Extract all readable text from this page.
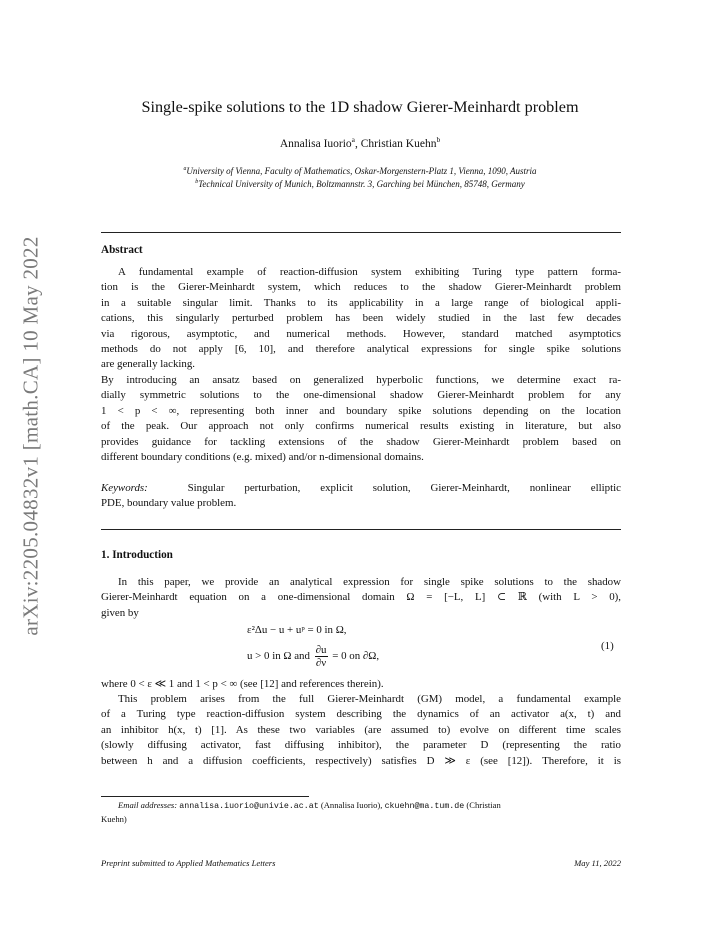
arXiv:2205.04832v1 [math.CA] 10 May 2022
Single-spike solutions to the 1D shadow Gierer-Meinhardt problem
Annalisa Iuorio$^a$, Christian Kuehn$^b$
$^a$University of Vienna, Faculty of Mathematics, Oskar-Morgenstern-Platz 1, Vienna, 1090, Austria
$^b$Technical University of Munich, Boltzmannstr. 3, Garching bei München, 85748, Germany
Abstract
A fundamental example of reaction-diffusion system exhibiting Turing type pattern forma-
tion is the Gierer-Meinhardt system, which reduces to the shadow Gierer-Meinhardt problem
in a suitable singular limit. Thanks to its applicability in a large range of biological appli-
cations, this singularly perturbed problem has been widely studied in the last few decades
via rigorous, asymptotic, and numerical methods. However, standard matched asymptotics
methods do not apply [6, 10], and therefore analytical expressions for single spike solutions
are generally lacking.
By introducing an ansatz based on generalized hyperbolic functions, we determine exact ra-
dially symmetric solutions to the one-dimensional shadow Gierer-Meinhardt problem for any
1 < p < ∞, representing both inner and boundary spike solutions depending on the location
of the peak. Our approach not only confirms numerical results existing in literature, but also
provides guidance for tackling extensions of the shadow Gierer-Meinhardt problem based on
different boundary conditions (e.g. mixed) and/or n-dimensional domains.
Keywords:	Singular perturbation, explicit solution, Gierer-Meinhardt, nonlinear elliptic
PDE, boundary value problem.
1. Introduction
In this paper, we provide an analytical expression for single spike solutions to the shadow
Gierer-Meinhardt equation on a one-dimensional domain Ω = [−L, L] ⊂ ℝ (with L > 0),
given by
ε²Δu − u + uᵖ = 0 in Ω,
u > 0 in Ω and $\frac{\partial u}{\partial\nu} = 0$ on ∂Ω,
(1)
where 0 < ε ≪ 1 and 1 < p < ∞ (see [12] and references therein).
This problem arises from the full Gierer-Meinhardt (GM) model, a fundamental example
of a Turing type reaction-diffusion system describing the dynamics of an activator a(x, t) and
an inhibitor h(x, t) [1]. As these two variables (are assumed to) evolve on different time scales
(slowly diffusing activator, fast diffusing inhibitor), the parameter D (representing the ratio
between h and a diffusion coefficients, respectively) satisfies D ≫ ε (see [12]). Therefore, it is
Email addresses: annalisa.iuorio@univie.ac.at (Annalisa Iuorio), ckuehn@ma.tum.de (Christian
Kuehn)
Preprint submitted to Applied Mathematics Letters	May 11, 2022
